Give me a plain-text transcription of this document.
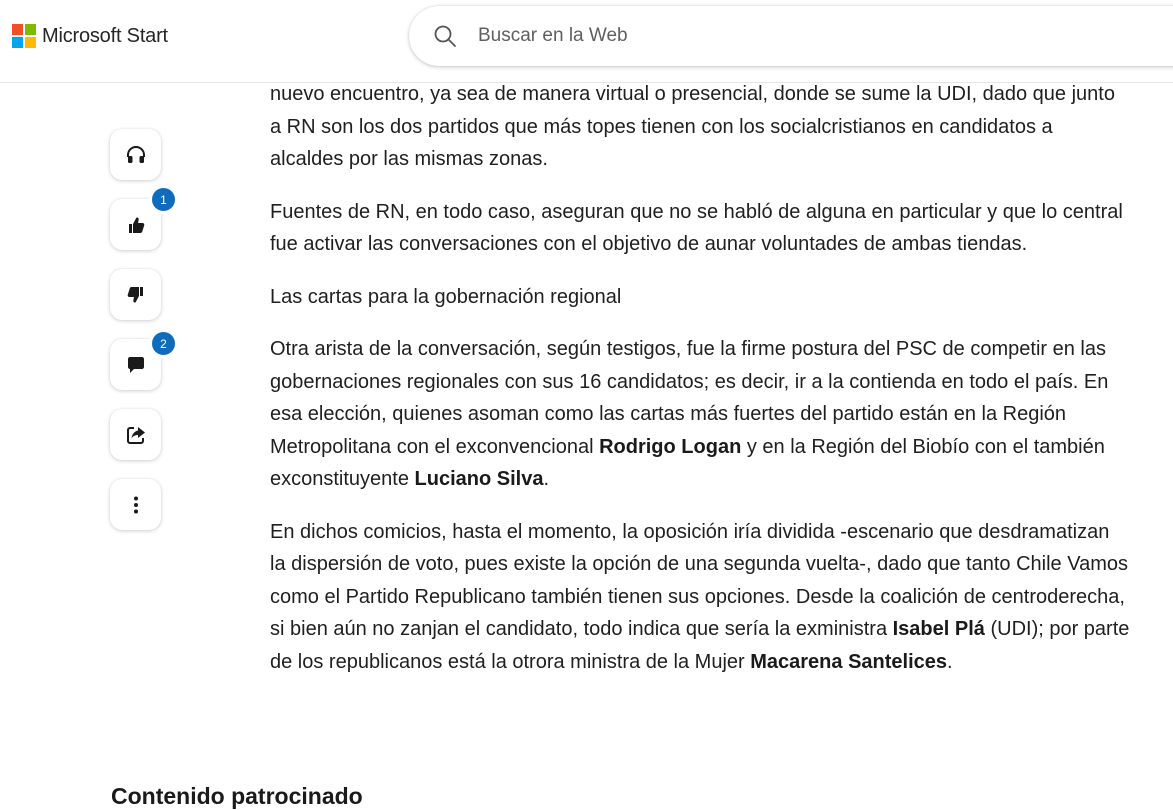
Microsoft Start
Buscar en la Web
1
2

nuevo encuentro, ya sea de manera virtual o presencial, donde se sume la UDI, dado que junto a RN son los dos partidos que más topes tienen con los socialcristianos en candidatos a alcaldes por las mismas zonas.

Fuentes de RN, en todo caso, aseguran que no se habló de alguna en particular y que lo central fue activar las conversaciones con el objetivo de aunar voluntades de ambas tiendas.

Las cartas para la gobernación regional

Otra arista de la conversación, según testigos, fue la firme postura del PSC de competir en las gobernaciones regionales con sus 16 candidatos; es decir, ir a la contienda en todo el país. En esa elección, quienes asoman como las cartas más fuertes del partido están en la Región Metropolitana con el exconvencional Rodrigo Logan y en la Región del Biobío con el también exconstituyente Luciano Silva.

En dichos comicios, hasta el momento, la oposición iría dividida -escenario que desdramatizan la dispersión de voto, pues existe la opción de una segunda vuelta-, dado que tanto Chile Vamos como el Partido Republicano también tienen sus opciones. Desde la coalición de centroderecha, si bien aún no zanjan el candidato, todo indica que sería la exministra Isabel Plá (UDI); por parte de los republicanos está la otrora ministra de la Mujer Macarena Santelices.

Contenido patrocinado
